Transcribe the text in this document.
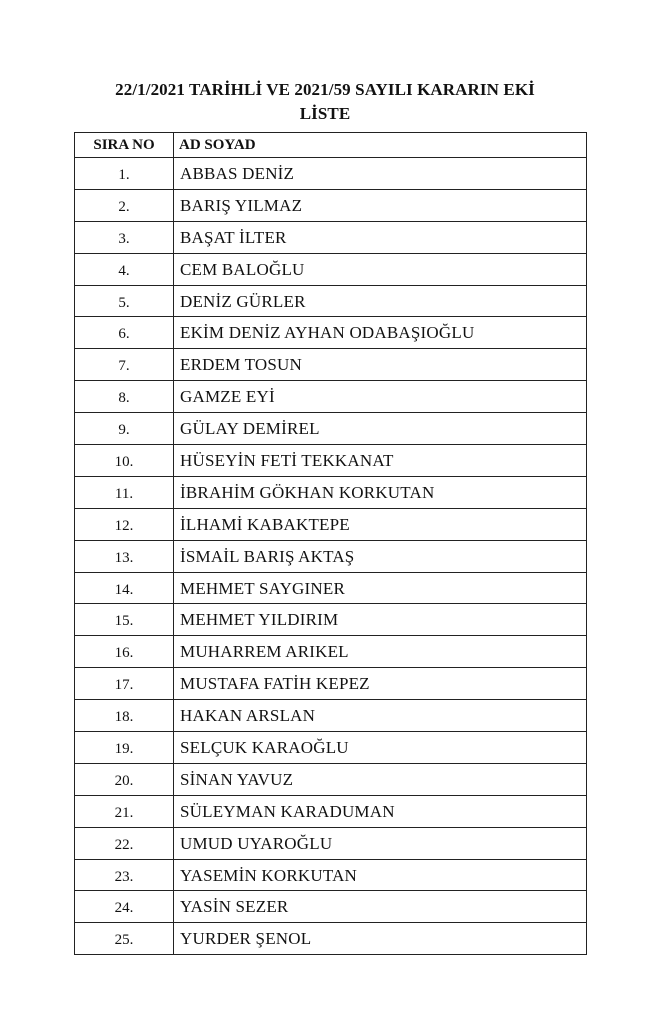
22/1/2021 TARİHLİ VE 2021/59 SAYILI KARARIN EKİ
LİSTE
SIRA NO	AD SOYAD
1.	ABBAS DENİZ
2.	BARIŞ YILMAZ
3.	BAŞAT İLTER
4.	CEM BALOĞLU
5.	DENİZ GÜRLER
6.	EKİM DENİZ AYHAN ODABAŞIOĞLU
7.	ERDEM TOSUN
8.	GAMZE EYİ
9.	GÜLAY DEMİREL
10.	HÜSEYİN FETİ TEKKANAT
11.	İBRAHİM GÖKHAN KORKUTAN
12.	İLHAMİ KABAKTEPE
13.	İSMAİL BARIŞ AKTAŞ
14.	MEHMET SAYGINER
15.	MEHMET YILDIRIM
16.	MUHARREM ARIKEL
17.	MUSTAFA FATİH KEPEZ
18.	HAKAN ARSLAN
19.	SELÇUK KARAOĞLU
20.	SİNAN YAVUZ
21.	SÜLEYMAN KARADUMAN
22.	UMUD UYAROĞLU
23.	YASEMİN KORKUTAN
24.	YASİN SEZER
25.	YURDER ŞENOL
